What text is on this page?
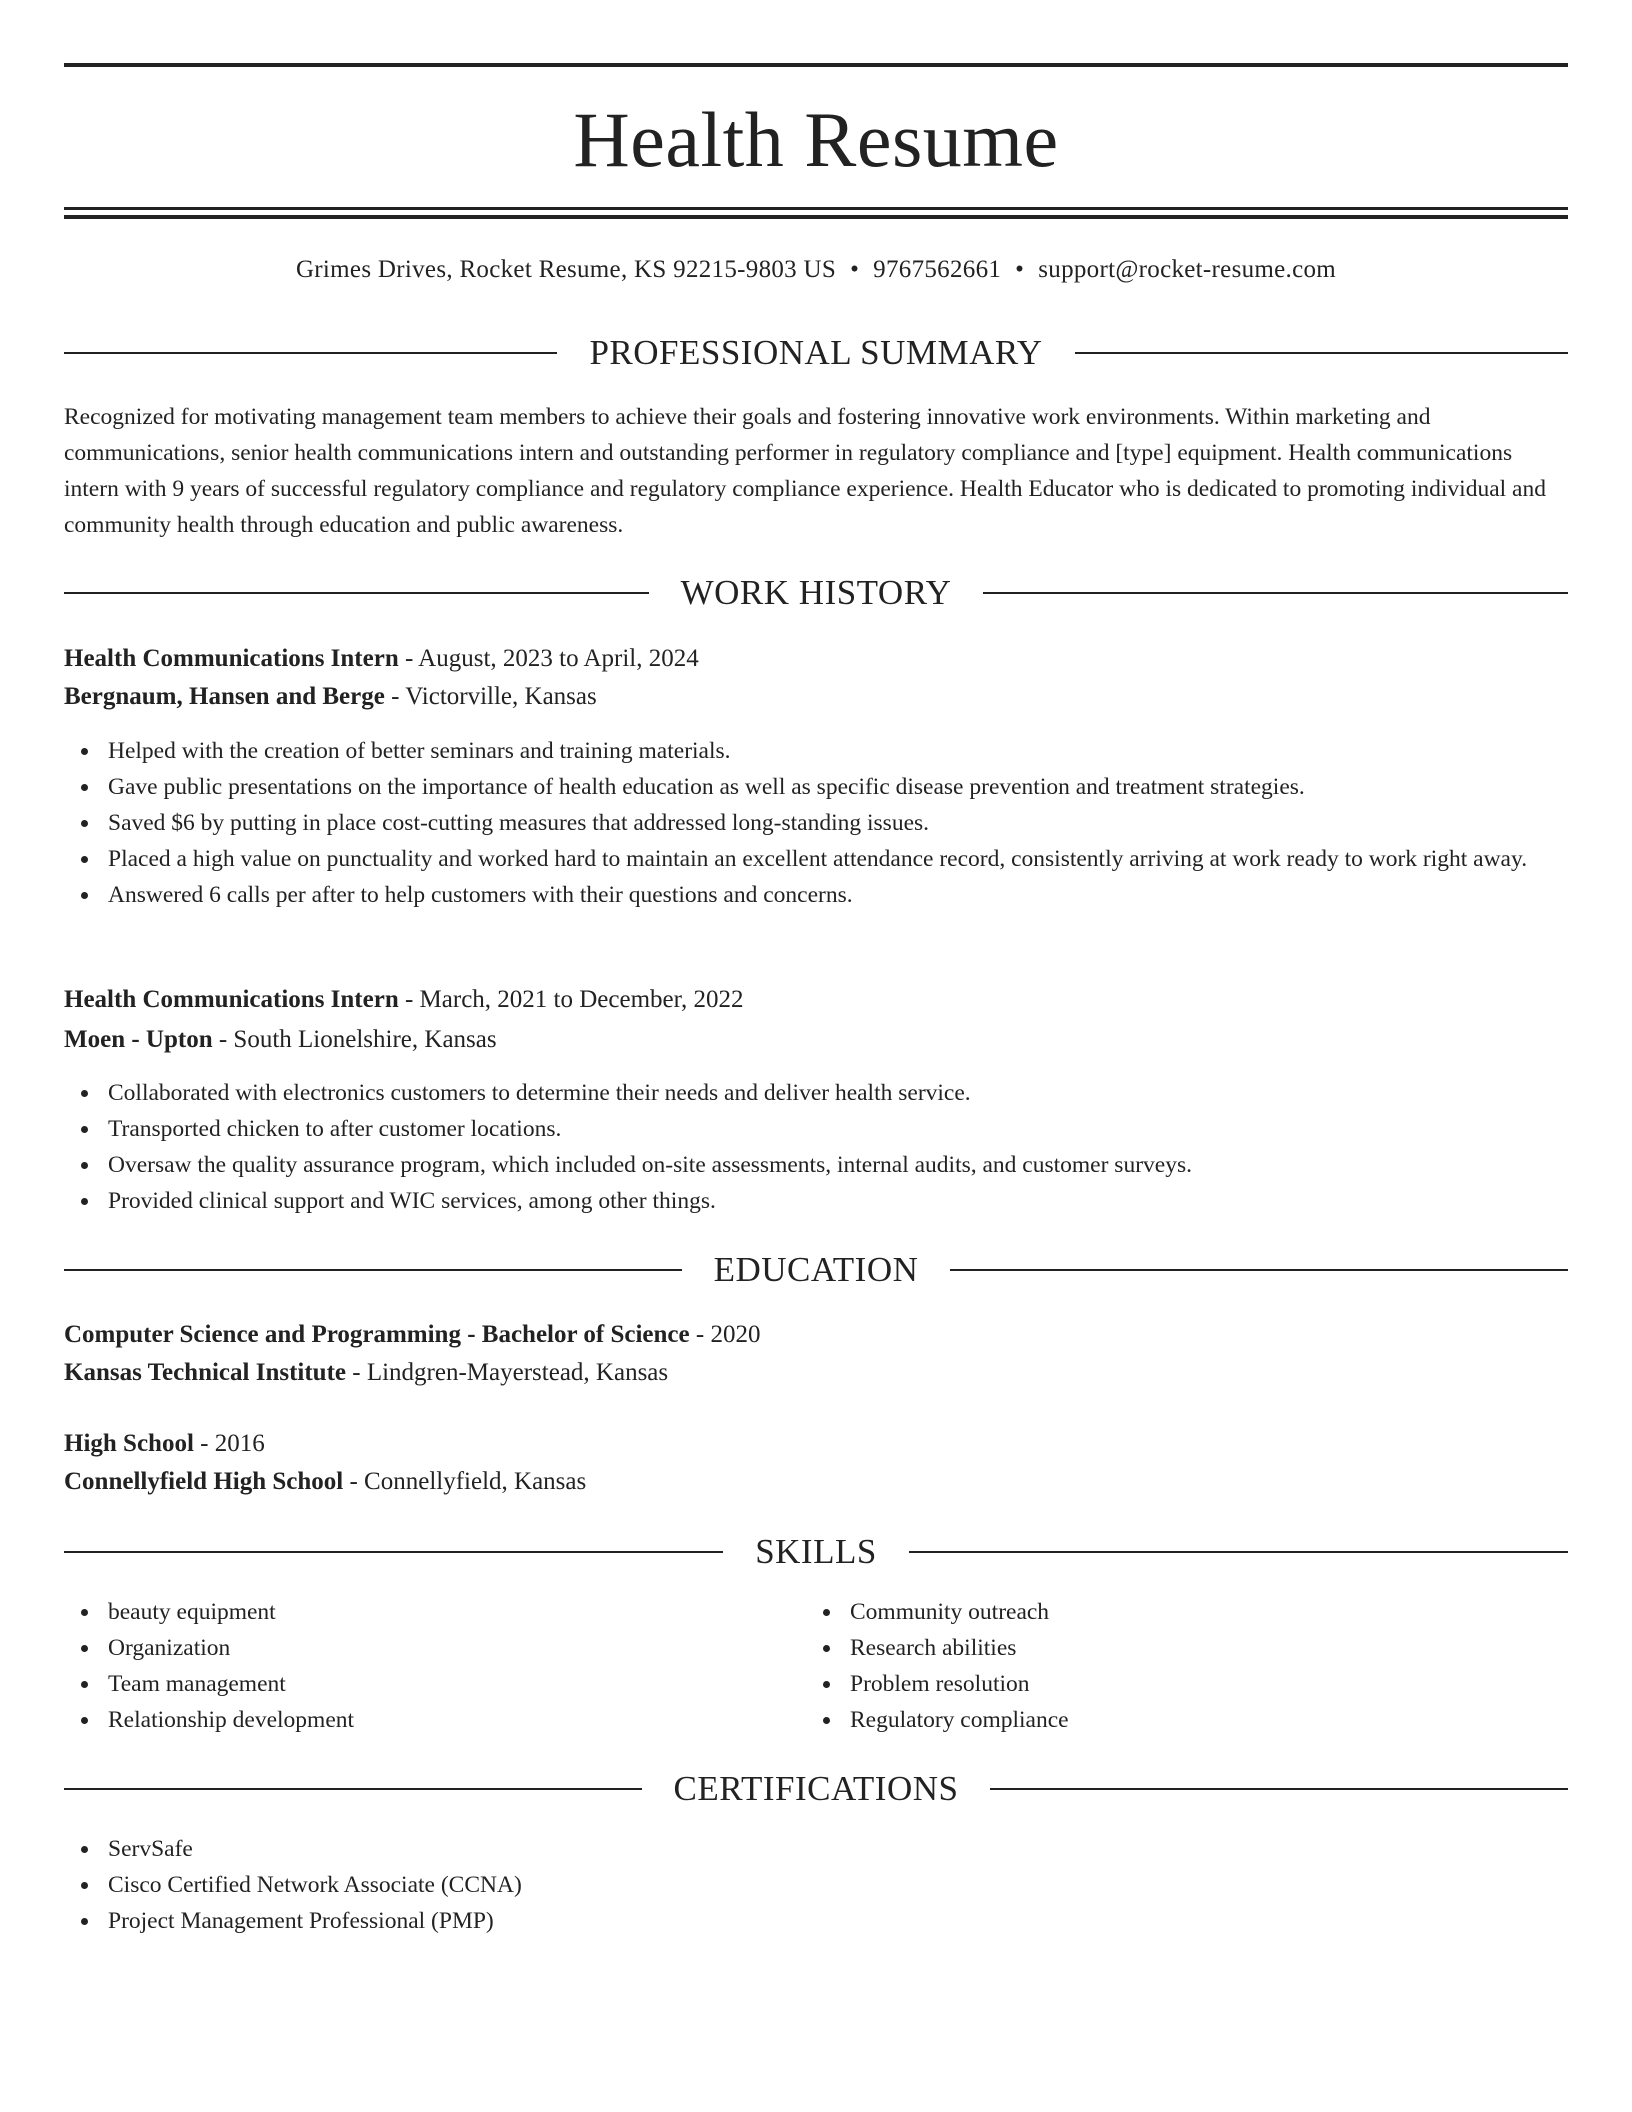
Health Resume
Grimes Drives, Rocket Resume, KS 92215-9803 US • 9767562661 • support@rocket-resume.com
PROFESSIONAL SUMMARY
Recognized for motivating management team members to achieve their goals and fostering innovative work environments. Within marketing and communications, senior health communications intern and outstanding performer in regulatory compliance and [type] equipment. Health communications intern with 9 years of successful regulatory compliance and regulatory compliance experience. Health Educator who is dedicated to promoting individual and community health through education and public awareness.
WORK HISTORY
Health Communications Intern - August, 2023 to April, 2024
Bergnaum, Hansen and Berge - Victorville, Kansas
Helped with the creation of better seminars and training materials.
Gave public presentations on the importance of health education as well as specific disease prevention and treatment strategies.
Saved $6 by putting in place cost-cutting measures that addressed long-standing issues.
Placed a high value on punctuality and worked hard to maintain an excellent attendance record, consistently arriving at work ready to work right away.
Answered 6 calls per after to help customers with their questions and concerns.
Health Communications Intern - March, 2021 to December, 2022
Moen - Upton - South Lionelshire, Kansas
Collaborated with electronics customers to determine their needs and deliver health service.
Transported chicken to after customer locations.
Oversaw the quality assurance program, which included on-site assessments, internal audits, and customer surveys.
Provided clinical support and WIC services, among other things.
EDUCATION
Computer Science and Programming - Bachelor of Science - 2020
Kansas Technical Institute - Lindgren-Mayerstead, Kansas
High School - 2016
Connellyfield High School - Connellyfield, Kansas
SKILLS
beauty equipment
Organization
Team management
Relationship development
Community outreach
Research abilities
Problem resolution
Regulatory compliance
CERTIFICATIONS
ServSafe
Cisco Certified Network Associate (CCNA)
Project Management Professional (PMP)
